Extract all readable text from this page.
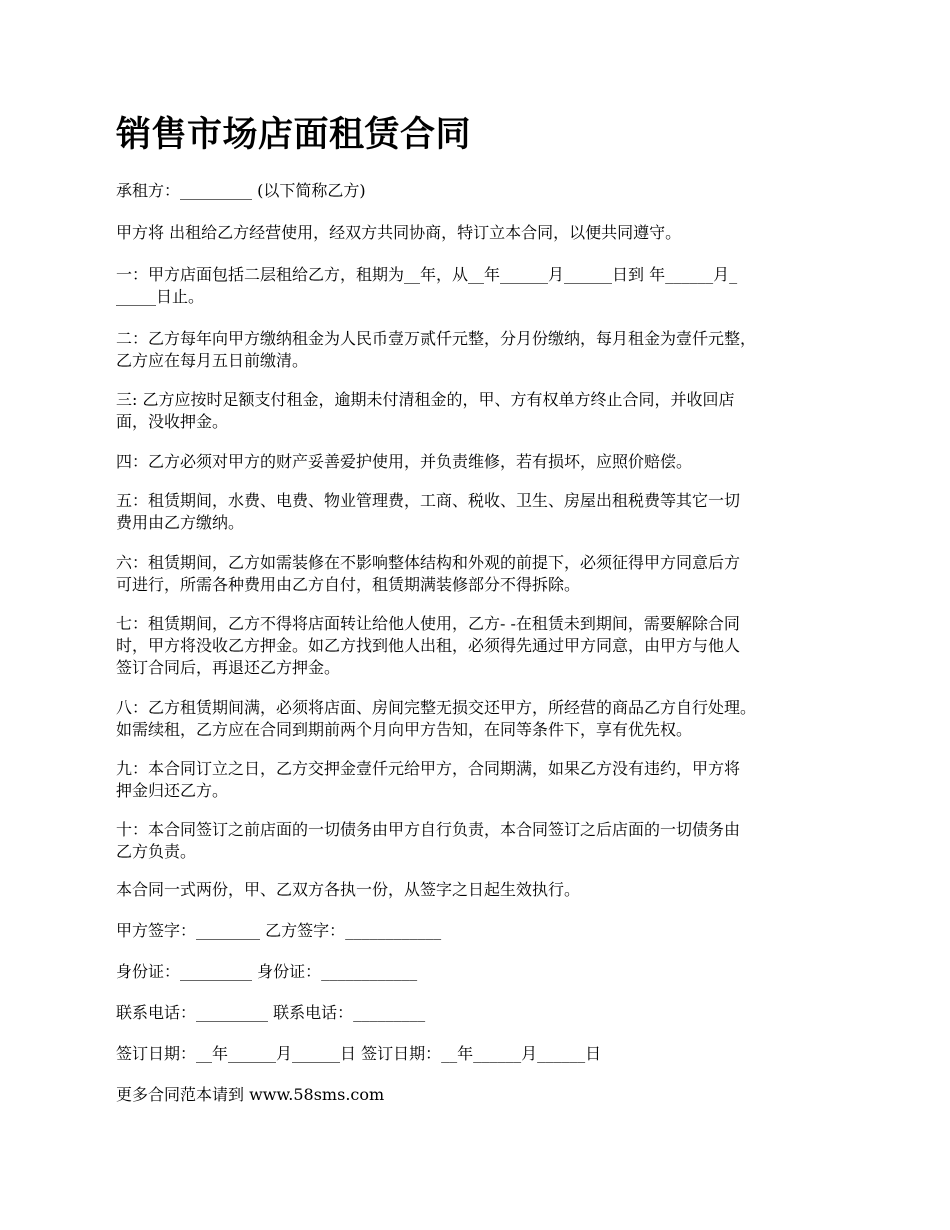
销售市场店面租赁合同

承租方：_________ (以下简称乙方)

甲方将 出租给乙方经营使用，经双方共同协商，特订立本合同，以便共同遵守。

一：甲方店面包括二层租给乙方，租期为__年，从__年______月______日到 年______月_
_____日止。

二：乙方每年向甲方缴纳租金为人民币壹万贰仟元整，分月份缴纳，每月租金为壹仟元整，
乙方应在每月五日前缴清。

三: 乙方应按时足额支付租金，逾期未付清租金的，甲、方有权单方终止合同，并收回店
面，没收押金。

四：乙方必须对甲方的财产妥善爱护使用，并负责维修，若有损坏，应照价赔偿。

五：租赁期间，水费、电费、物业管理费，工商、税收、卫生、房屋出租税费等其它一切
费用由乙方缴纳。

六：租赁期间，乙方如需装修在不影响整体结构和外观的前提下，必须征得甲方同意后方
可进行，所需各种费用由乙方自付，租赁期满装修部分不得拆除。

七：租赁期间，乙方不得将店面转让给他人使用，乙方- -在租赁未到期间，需要解除合同
时，甲方将没收乙方押金。如乙方找到他人出租，必须得先通过甲方同意，由甲方与他人
签订合同后，再退还乙方押金。

八：乙方租赁期间满，必须将店面、房间完整无损交还甲方，所经营的商品乙方自行处理。
如需续租，乙方应在合同到期前两个月向甲方告知，在同等条件下，享有优先权。

九：本合同订立之日，乙方交押金壹仟元给甲方，合同期满，如果乙方没有违约，甲方将
押金归还乙方。

十：本合同签订之前店面的一切债务由甲方自行负责，本合同签订之后店面的一切债务由
乙方负责。

本合同一式两份，甲、乙双方各执一份，从签字之日起生效执行。

甲方签字：________ 乙方签字：____________

身份证：_________ 身份证：____________

联系电话：_________ 联系电话：_________

签订日期：__年______月______日 签订日期：__年______月______日

更多合同范本请到 www.58sms.com
